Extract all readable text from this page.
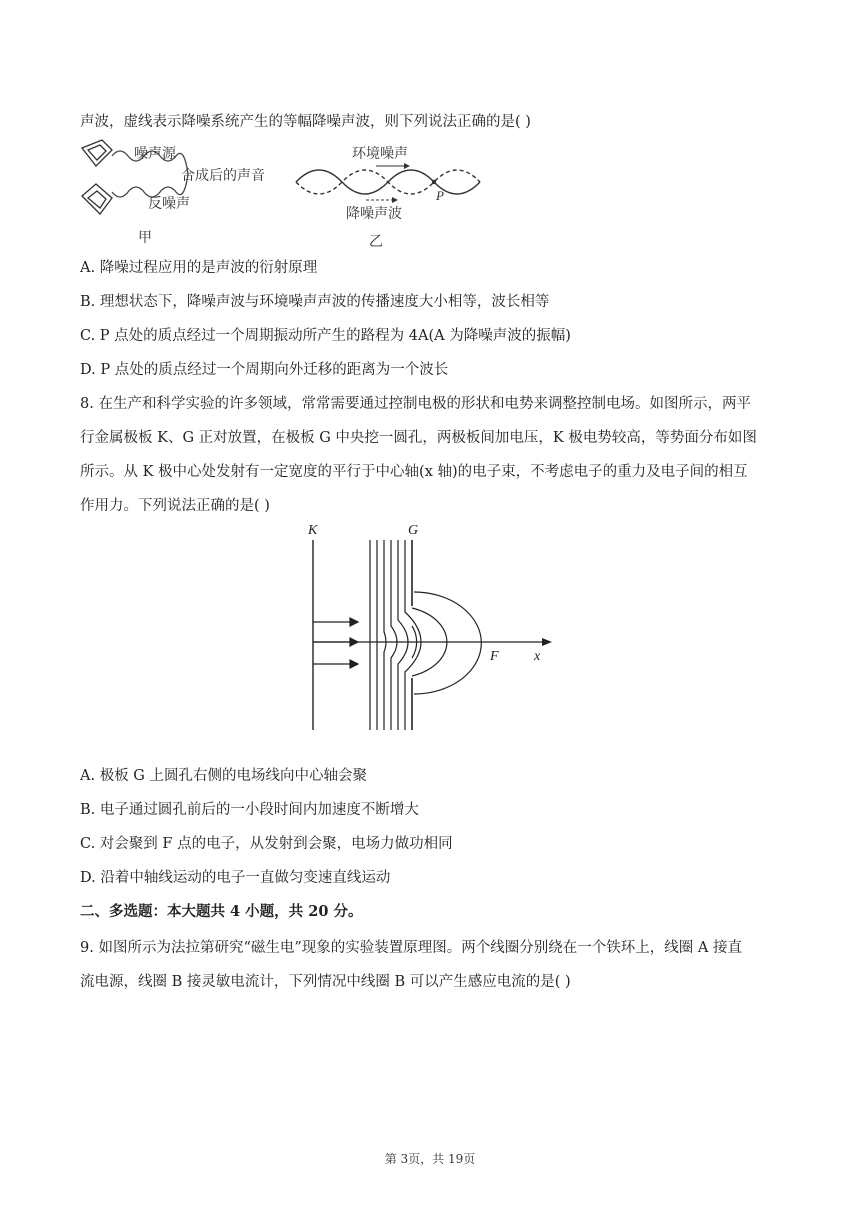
声波，虚线表示降噪系统产生的等幅降噪声波，则下列说法正确的是( )
噪声源
合成后的声音
反噪声
甲
环境噪声
P
降噪声波
乙
A. 降噪过程应用的是声波的衍射原理
B. 理想状态下，降噪声波与环境噪声声波的传播速度大小相等，波长相等
C. P 点处的质点经过一个周期振动所产生的路程为 4A(A 为降噪声波的振幅)
D. P 点处的质点经过一个周期向外迁移的距离为一个波长
8. 在生产和科学实验的许多领域，常常需要通过控制电极的形状和电势来调整控制电场。如图所示，两平
行金属极板 K、G 正对放置，在极板 G 中央挖一圆孔，两极板间加电压，K 极电势较高，等势面分布如图
所示。从 K 极中心处发射有一定宽度的平行于中心轴(x 轴)的电子束，不考虑电子的重力及电子间的相互
作用力。下列说法正确的是( )
K	G
F	x
A. 极板 G 上圆孔右侧的电场线向中心轴会聚
B. 电子通过圆孔前后的一小段时间内加速度不断增大
C. 对会聚到 F 点的电子，从发射到会聚，电场力做功相同
D. 沿着中轴线运动的电子一直做匀变速直线运动
二、多选题：本大题共 4 小题，共 20 分。
9. 如图所示为法拉第研究“磁生电”现象的实验装置原理图。两个线圈分别绕在一个铁环上，线圈 A 接直
流电源，线圈 B 接灵敏电流计，下列情况中线圈 B 可以产生感应电流的是( )
第 3页，共 19页
